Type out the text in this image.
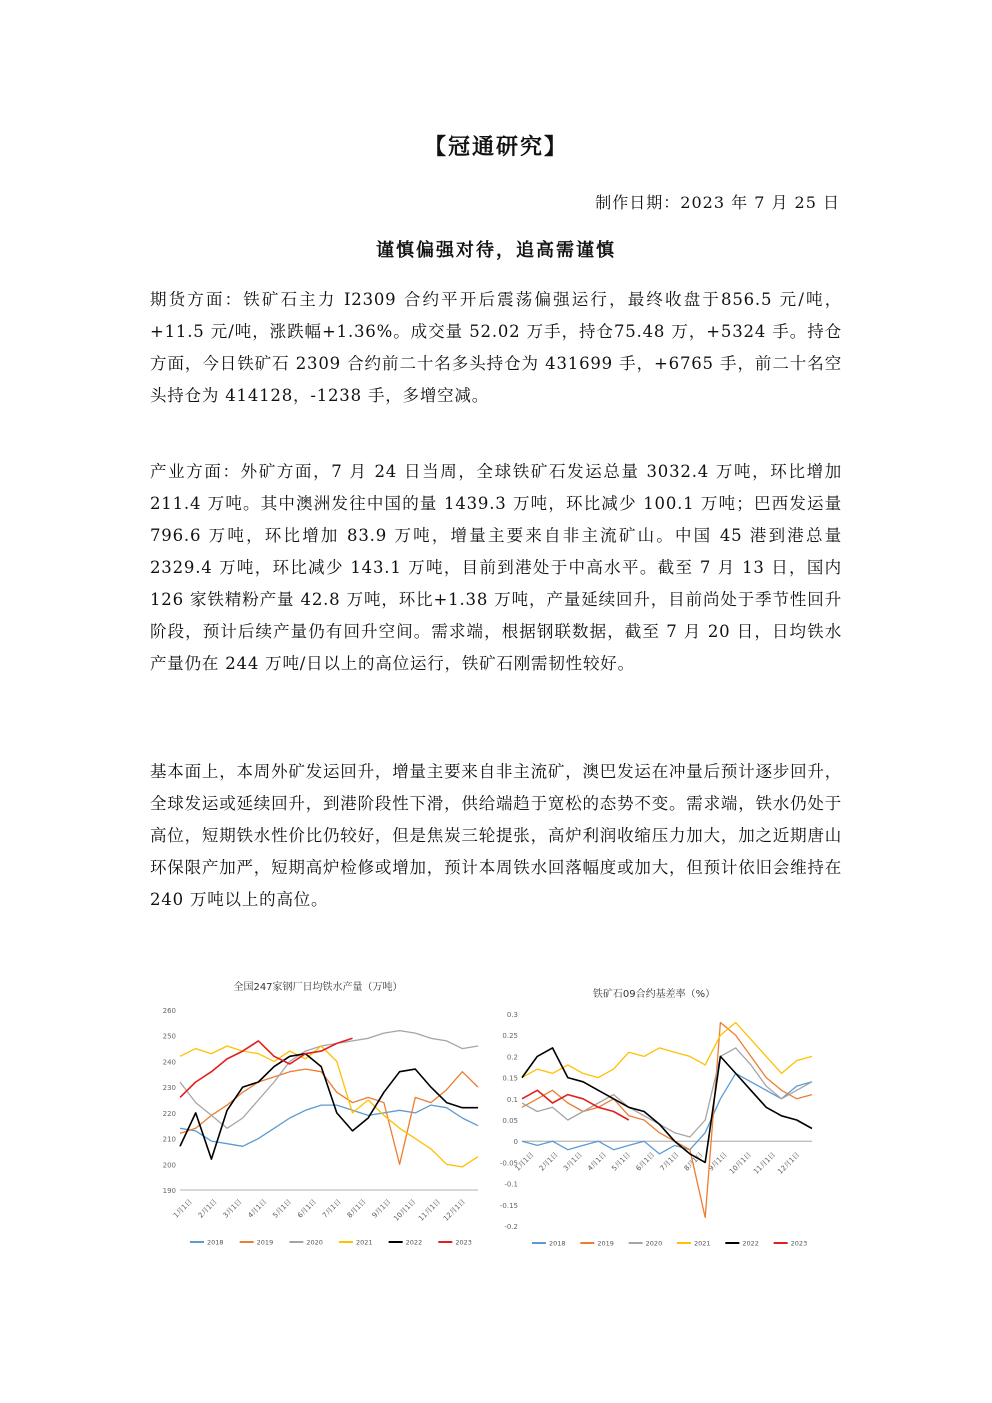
【冠通研究】
制作日期：2023 年 7 月 25 日
谨慎偏强对待，追高需谨慎

期货方面：铁矿石主力 I2309 合约平开后震荡偏强运行，最终收盘于856.5 元/吨，+11.5 元/吨，涨跌幅+1.36%。成交量 52.02 万手，持仓75.48 万，+5324 手。持仓方面，今日铁矿石 2309 合约前二十名多头持仓为 431699 手，+6765 手，前二十名空头持仓为 414128，-1238 手，多增空减。

产业方面：外矿方面，7 月 24 日当周，全球铁矿石发运总量 3032.4 万吨，环比增加 211.4 万吨。其中澳洲发往中国的量 1439.3 万吨，环比减少 100.1 万吨；巴西发运量 796.6 万吨，环比增加 83.9 万吨，增量主要来自非主流矿山。中国 45 港到港总量 2329.4 万吨，环比减少 143.1 万吨，目前到港处于中高水平。截至 7 月 13 日，国内 126 家铁精粉产量 42.8 万吨，环比+1.38 万吨，产量延续回升，目前尚处于季节性回升阶段，预计后续产量仍有回升空间。需求端，根据钢联数据，截至 7 月 20 日，日均铁水产量仍在 244 万吨/日以上的高位运行，铁矿石刚需韧性较好。

基本面上，本周外矿发运回升，增量主要来自非主流矿，澳巴发运在冲量后预计逐步回升，全球发运或延续回升，到港阶段性下滑，供给端趋于宽松的态势不变。需求端，铁水仍处于高位，短期铁水性价比仍较好，但是焦炭三轮提张，高炉利润收缩压力加大，加之近期唐山环保限产加严，短期高炉检修或增加，预计本周铁水回落幅度或加大，但预计依旧会维持在 240 万吨以上的高位。

全国247家钢厂日均铁水产量（万吨）
190
200
210
220
230
240
250
260
1月1日 2月1日 3月1日 4月1日 5月1日 6月1日 7月1日 8月1日 9月1日 10月1日 11月1日 12月1日
2018	2019	2020	2021	2022	2023
铁矿石09合约基差率（%）
-0.2
-0.15
-0.1
-0.05
0
0.05
0.1
0.15
0.2
0.25
0.3
1月1日 2月1日 3月1日 4月1日 5月1日 6月1日 7月1日 8月1日 9月1日 10月1日 11月1日 12月1日
2018	2019	2020	2021	2022	2023
